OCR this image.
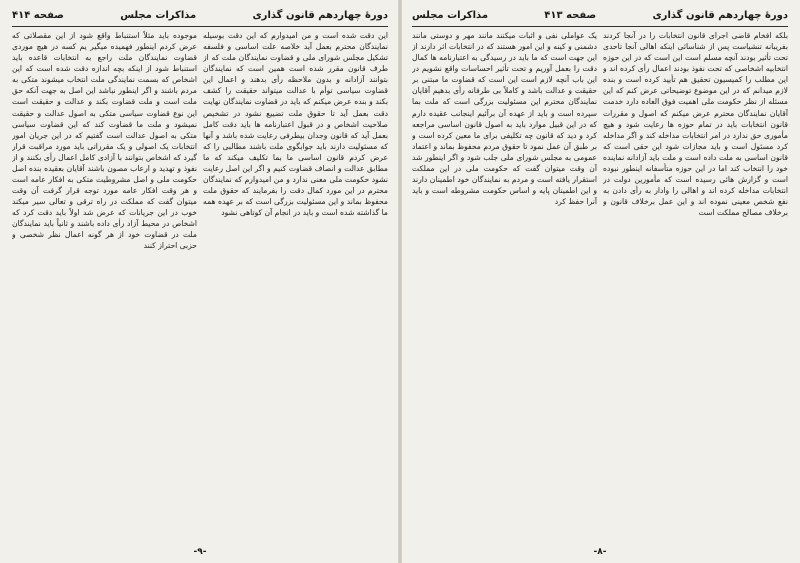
دورهٔ چهاردهم قانون گذاری
مذاکرات مجلس
صفحه ۴۱۴

این دقت شده است و من امیدوارم که این دقت بوسیله نمایندگان محترم بعمل آید خلاصه علت اساسی و فلسفه تشکیل مجلس شورای ملی و قضاوت نمایندگان ملت که از طرف قانون مقرر شده است همین است که نمایندگان بتوانند آزادانه و بدون ملاحظه رأی بدهند و اعمال این قضاوت سیاسی توأم با عدالت میتواند حقیقت را کشف بکند و بنده عرض میکنم که باید در قضاوت نمایندگان نهایت دقت بعمل آید تا حقوق ملت تضییع نشود در تشخیص صلاحیت اشخاص و در قبول اعتبارنامه ها باید دقت کامل بعمل آید که قانون وجدان بیطرفی رعایت شده باشد و آنها که مسئولیت دارند باید جوابگوی ملت باشند مطالبی را که عرض کردم قانون اساسی ما بما تکلیف میکند که ما مطابق عدالت و انصاف قضاوت کنیم و اگر این اصل رعایت نشود حکومت ملی معنی ندارد و من امیدوارم که نمایندگان محترم در این مورد کمال دقت را بفرمایند که حقوق ملت محفوظ بماند و این مسئولیت بزرگی است که بر عهده همه ما گذاشته شده است و باید در انجام آن کوتاهی نشود

موجوده باید مثلاً استنباط واقع شود از این مقصلاتی که عرض کردم اینطور فهمیده میگیر یم کسه در هیچ موردی قضاوت نمایندگان ملت راجع به انتخابات قاعده باید استنباط شود از اینکه بچه اندازه دقت شده است که این اشخاص که بسمت نمایندگی ملت انتخاب میشوند متکی به مردم باشند و اگر اینطور نباشد این اصل به جهت آنکه حق ملت است و ملت قضاوت بکند و عدالت و حقیقت است این نوع قضاوت سیاسی متکی به اصول عدالت و حقیقت نمیشود و ملت ما قضاوت کند که این قضاوت سیاسی متکی به اصول عدالت است گفتیم که در این جریان امور انتخابات یک اصولی و یک مقرراتی باید مورد مراقبت قرار گیرد که اشخاص بتوانند با آزادی کامل اعمال رأی بکنند و از نفوذ و تهدید و ارعاب مصون باشند آقایان بعقیده بنده اصل حکومت ملی و اصل مشروطیت متکی به افکار عامه است و هر وقت افکار عامه مورد توجه قرار گرفت آن وقت میتوان گفت که مملکت در راه ترقی و تعالی سیر میکند خوب در این جریانات که عرض شد اولاً باید دقت کرد که اشخاص در محیط آزاد رأی داده باشند و ثانیاً باید نمایندگان ملت در قضاوت خود از هر گونه اعمال نظر شخصی و حزبی احتراز کنند

-۹-
دورهٔ چهاردهم قانون گذاری
صفحه ۴۱۳
مذاکرات مجلس

بلکه افخام قاضی اجرای قانون انتخابات را در آنجا کردند بفریبانه تنشیاست پس از شناسائی اینکه اهالی آنجا تاحدی تحت تأثیر بودند آنچه مسلم است این است که در این حوزه انتخابیه اشخاصی که تحت نفوذ بودند اعمال رأی کرده اند و این مطلب را کمیسیون تحقیق هم تأیید کرده است و بنده لازم میدانم که در این موضوع توضیحاتی عرض کنم که این مسئله از نظر حکومت ملی اهمیت فوق العاده دارد خدمت آقایان نمایندگان محترم عرض میکنم که اصول و مقررات قانون انتخابات باید در تمام حوزه ها رعایت شود و هیچ مأموری حق ندارد در امر انتخابات مداخله کند و اگر مداخله کرد مسئول است و باید مجازات شود این حقی است که قانون اساسی به ملت داده است و ملت باید آزادانه نماینده خود را انتخاب کند اما در این حوزه متأسفانه اینطور نبوده است و گزارش هائی رسیده است که مأمورین دولت در انتخابات مداخله کرده اند و اهالی را وادار به رأی دادن به نفع شخص معینی نموده اند و این عمل برخلاف قانون و برخلاف مصالح مملکت است

یک عواملی نفی و اثبات میکنند مانند مهر و دوستی مانند دشمنی و کینه و این امور هستند که در انتخابات اثر دارند از این جهت است که ما باید در رسیدگی به اعتبارنامه ها کمال دقت را بعمل آوریم و تحت تأثیر احساسات واقع نشویم در این باب آنچه لازم است این است که قضاوت ما مبتنی بر حقیقت و عدالت باشد و کاملاً بی طرفانه رأی بدهیم آقایان نمایندگان محترم این مسئولیت بزرگی است که ملت بما سپرده است و باید از عهده آن برآئیم اینجانب عقیده دارم که در این قبیل موارد باید به اصول قانون اساسی مراجعه کرد و دید که قانون چه تکلیفی برای ما معین کرده است و بر طبق آن عمل نمود تا حقوق مردم محفوظ بماند و اعتماد عمومی به مجلس شورای ملی جلب شود و اگر اینطور شد آن وقت میتوان گفت که حکومت ملی در این مملکت استقرار یافته است و مردم به نمایندگان خود اطمینان دارند و این اطمینان پایه و اساس حکومت مشروطه است و باید آنرا حفظ کرد

-۸-
